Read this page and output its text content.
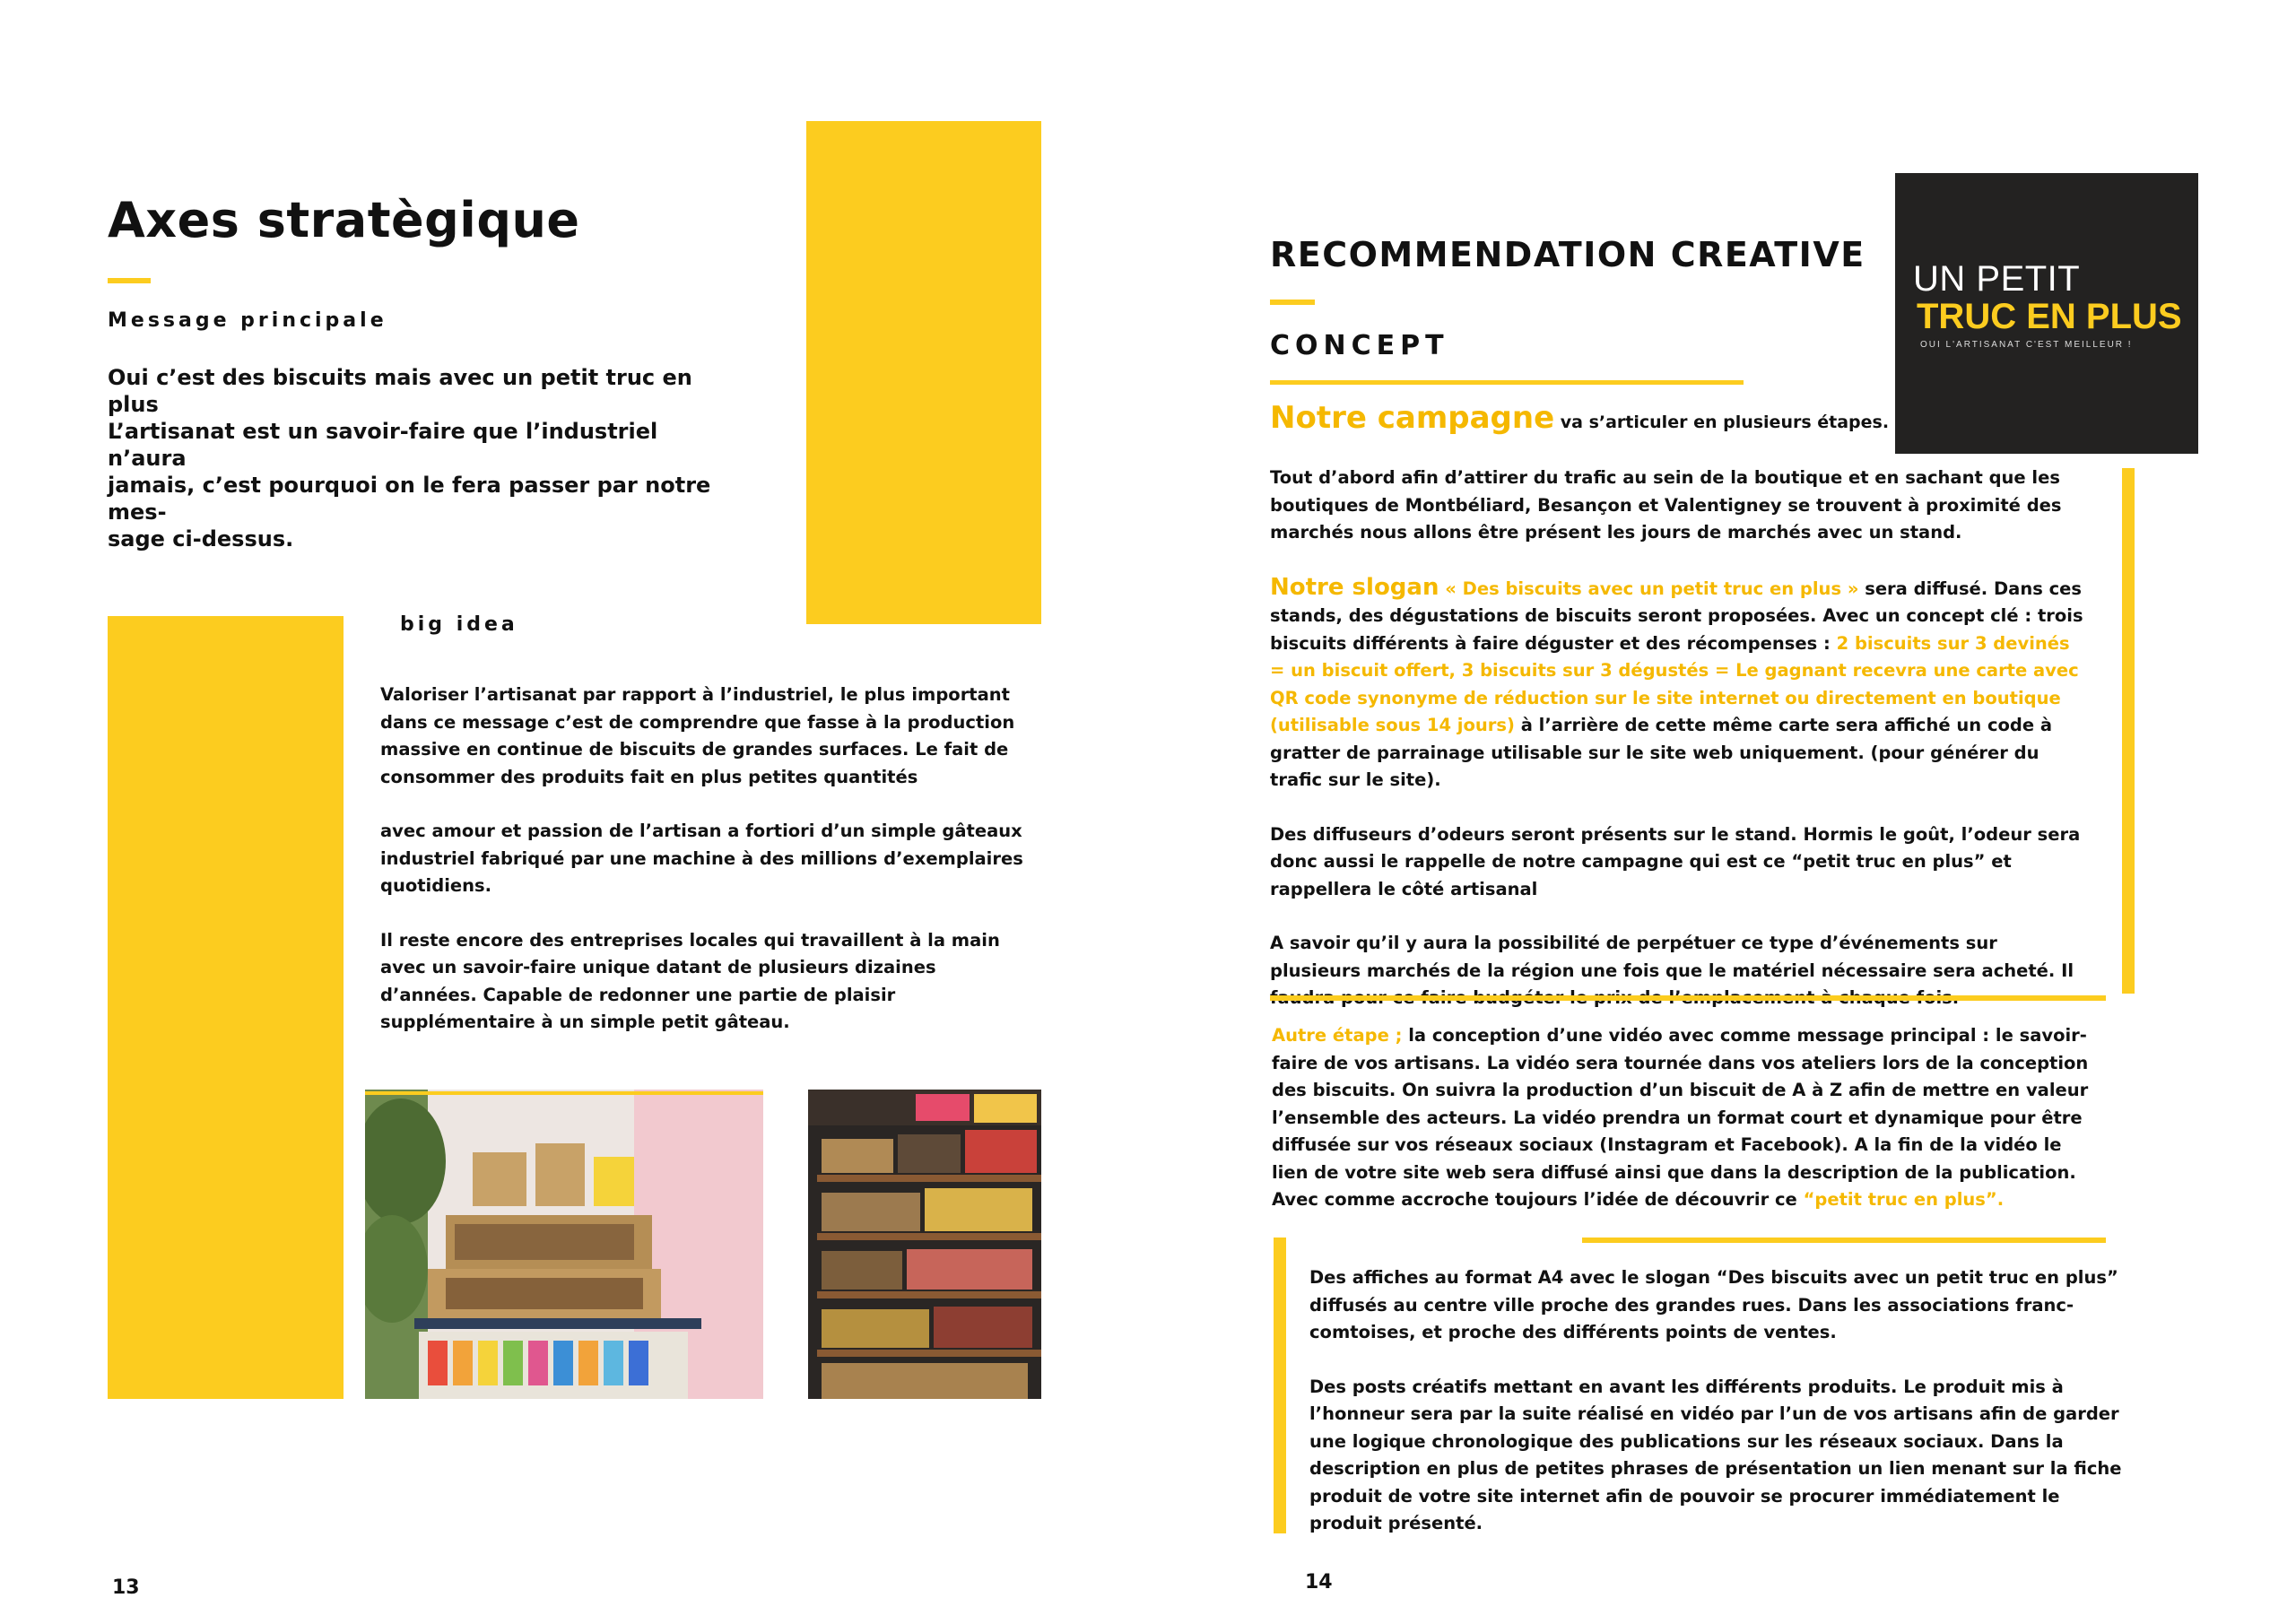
Axes stratègique
Message principale
Oui c’est des biscuits mais avec un petit truc en plus
L’artisanat est un savoir-faire que l’industriel n’aura
jamais, c’est pourquoi on le fera passer par notre mes-
sage ci-dessus.
big idea

Valoriser l’artisanat par rapport à l’industriel, le plus important dans ce message c’est de comprendre que fasse à la production massive en continue de biscuits de grandes surfaces. Le fait de consommer des produits fait en plus petites quantités

avec amour et passion de l’artisan a fortiori d’un simple gâteaux industriel fabriqué par une machine à des millions d’exemplaires quotidiens.

Il reste encore des entreprises locales qui travaillent à la main avec un savoir-faire unique datant de plusieurs dizaines d’années. Capable de redonner une partie de plaisir supplémentaire à un simple petit gâteau.

13
RECOMMENDATION CREATIVE
CONCEPT
Notre campagne va s’articuler en plusieurs étapes.
UN PETIT
TRUC EN PLUS
OUI L'ARTISANAT C'EST MEILLEUR !

Tout d’abord afin d’attirer du trafic au sein de la boutique et en sachant que les boutiques de Montbéliard, Besançon et Valentigney se trouvent à proximité des marchés nous allons être présent les jours de marchés avec un stand.

Notre slogan « Des biscuits avec un petit truc en plus » sera diffusé. Dans ces stands, des dégustations de biscuits seront proposées. Avec un concept clé : trois biscuits différents à faire déguster et des récompenses : 2 biscuits sur 3 devinés = un biscuit offert, 3 biscuits sur 3 dégustés = Le gagnant recevra une carte avec QR code synonyme de réduction sur le site internet ou directement en boutique (utilisable sous 14 jours) à l’arrière de cette même carte sera affiché un code à gratter de parrainage utilisable sur le site web uniquement. (pour générer du trafic sur le site).

Des diffuseurs d’odeurs seront présents sur le stand. Hormis le goût, l’odeur sera donc aussi le rappelle de notre campagne qui est ce “petit truc en plus” et rappellera le côté artisanal

A savoir qu’il y aura la possibilité de perpétuer ce type d’événements sur plusieurs marchés de la région une fois que le matériel nécessaire sera acheté. Il

Autre étape ; la conception d’une vidéo avec comme message principal : le savoir-faire de vos artisans. La vidéo sera tournée dans vos ateliers lors de la conception des biscuits. On suivra la production d’un biscuit de A à Z afin de mettre en valeur l’ensemble des acteurs. La vidéo prendra un format court et dynamique pour être diffusée sur vos réseaux sociaux (Instagram et Facebook). A la fin de la vidéo le lien de votre site web sera diffusé ainsi que dans la description de la publication. Avec comme accroche toujours l’idée de découvrir ce “petit truc en plus”.

Des affiches au format A4 avec le slogan “Des biscuits avec un petit truc en plus” diffusés au centre ville proche des grandes rues. Dans les associations franc-comtoises, et proche des différents points de ventes.

Des posts créatifs mettant en avant les différents produits. Le produit mis à l’honneur sera par la suite réalisé en vidéo par l’un de vos artisans afin de garder une logique chronologique des publications sur les réseaux sociaux. Dans la description en plus de petites phrases de présentation un lien menant sur la fiche produit de votre site internet afin de pouvoir se procurer immédiatement le produit présenté.

14
